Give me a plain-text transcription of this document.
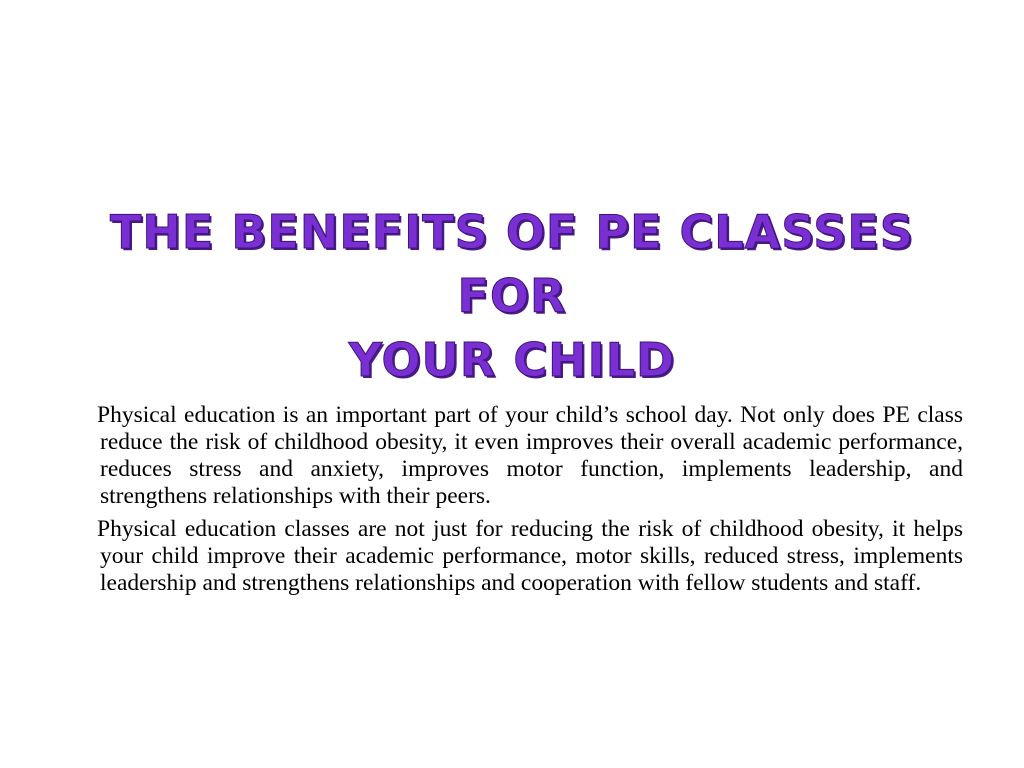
THE BENEFITS OF PE CLASSES FOR
YOUR CHILD

Physical education is an important part of your child’s school day. Not only does PE class reduce the risk of childhood obesity, it even improves their overall academic performance, reduces stress and anxiety, improves motor function, implements leadership, and strengthens relationships with their peers.

Physical education classes are not just for reducing the risk of childhood obesity, it helps your child improve their academic performance, motor skills, reduced stress, implements leadership and strengthens relationships and cooperation with fellow students and staff.
